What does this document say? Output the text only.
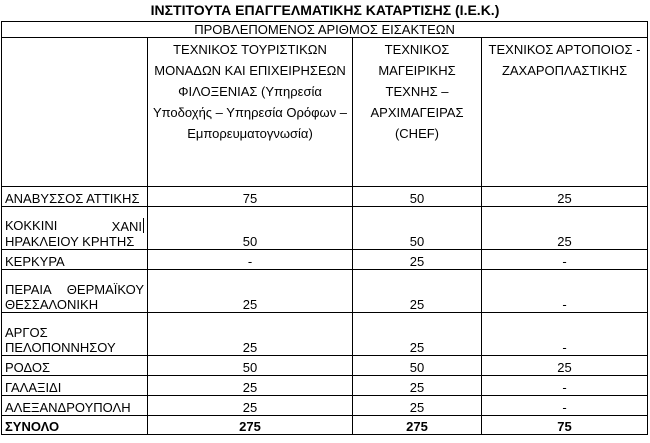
ΙΝΣΤΙΤΟΥΤΑ ΕΠΑΓΓΕΛΜΑΤΙΚΗΣ ΚΑΤΑΡΤΙΣΗΣ (Ι.Ε.Κ.)
ΠΡΟΒΛΕΠΟΜΕΝΟΣ ΑΡΙΘΜΟΣ ΕΙΣΑΚΤΕΩΝ			
	ΤΕΧΝΙΚΟΣ ΤΟΥΡΙΣΤΙΚΩΝ ΜΟΝΑΔΩΝ ΚΑΙ ΕΠΙΧΕΙΡΗΣΕΩΝ ΦΙΛΟΞΕΝΙΑΣ (Υπηρεσία Υποδοχής – Υπηρεσία Ορόφων – Εμπορευματογνωσία)	ΤΕΧΝΙΚΟΣ ΜΑΓΕΙΡΙΚΗΣ ΤΕΧΝΗΣ – ΑΡΧΙΜΑΓΕΙΡΑΣ (CHEF)	ΤΕΧΝΙΚΟΣ ΑΡΤΟΠΟΙΟΣ - ΖΑΧΑΡΟΠΛΑΣΤΙΚΗΣ
ΑΝΑΒΥΣΣΟΣ ΑΤΤΙΚΗΣ	75	50	25

ΚΟΚΚΙΝΙ ΧΑΝΙ
ΗΡΑΚΛΕΙΟΥ ΚΡΗΤΗΣ	50	50	25
ΚΕΡΚΥΡΑ	-	25	-

ΠΕΡΑΙΑ ΘΕΡΜΑΪΚΟΥ
ΘΕΣΣΑΛΟΝΙΚΗ	25	25	-

ΑΡΓΟΣ
ΠΕΛΟΠΟΝΝΗΣΟΥ	25	25	-
ΡΟΔΟΣ	50	50	25
ΓΑΛΑΞΙΔΙ	25	25	-
ΑΛΕΞΑΝΔΡΟΥΠΟΛΗ	25	25	-
ΣΥΝΟΛΟ	275	275	75
